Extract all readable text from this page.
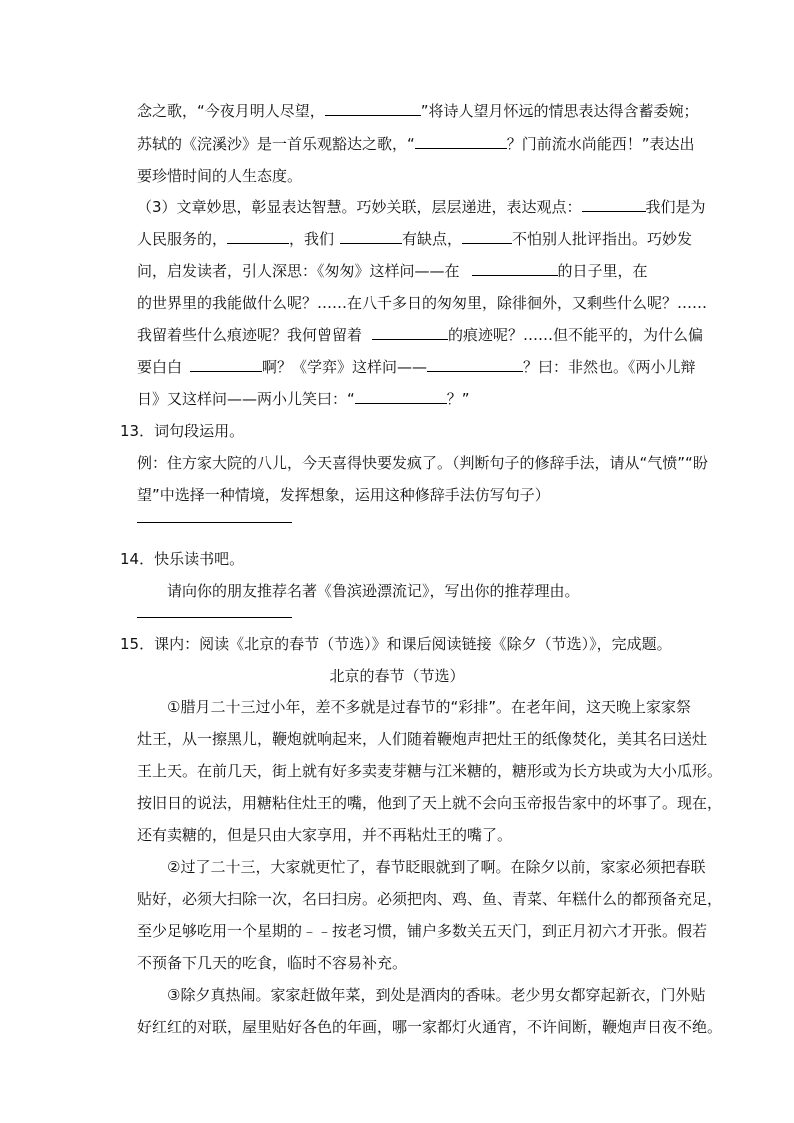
念之歌，“今夜月明人尽望，	”将诗人望月怀远的情思表达得含蓄委婉；
苏轼的《浣溪沙》是一首乐观豁达之歌，“	？门前流水尚能西！”表达出
要珍惜时间的人生态度。
（3）文章妙思，彰显表达智慧。巧妙关联，层层递进，表达观点：	我们是为
人民服务的，	，我们	有缺点，	不怕别人批评指出。巧妙发
问，启发读者，引人深思：《匆匆》这样问——在	的日子里，在
的世界里的我能做什么呢？……在八千多日的匆匆里，除徘徊外，又剩些什么呢？……
我留着些什么痕迹呢？我何曾留着	的痕迹呢？……但不能平的，为什么偏
要白白	啊？《学弈》这样问——	？曰：非然也。《两小儿辩
日》又这样问——两小儿笑曰：“	？”
13．词句段运用。
例：住方家大院的八儿，今天喜得快要发疯了。（判断句子的修辞手法，请从“气愤”“盼
望”中选择一种情境，发挥想象，运用这种修辞手法仿写句子）
14．快乐读书吧。
请向你的朋友推荐名著《鲁滨逊漂流记》，写出你的推荐理由。
15．课内：阅读《北京的春节（节选）》和课后阅读链接《除夕（节选）》，完成题。
北京的春节（节选）
①腊月二十三过小年，差不多就是过春节的“彩排”。在老年间，这天晚上家家祭
灶王，从一擦黑儿，鞭炮就响起来，人们随着鞭炮声把灶王的纸像焚化，美其名曰送灶
王上天。在前几天，街上就有好多卖麦芽糖与江米糖的，糖形或为长方块或为大小瓜形。
按旧日的说法，用糖粘住灶王的嘴，他到了天上就不会向玉帝报告家中的坏事了。现在，
还有卖糖的，但是只由大家享用，并不再粘灶王的嘴了。
②过了二十三，大家就更忙了，春节眨眼就到了啊。在除夕以前，家家必须把春联
贴好，必须大扫除一次，名曰扫房。必须把肉、鸡、鱼、青菜、年糕什么的都预备充足，
至少足够吃用一个星期的﹣﹣按老习惯，铺户多数关五天门，到正月初六才开张。假若
不预备下几天的吃食，临时不容易补充。
③除夕真热闹。家家赶做年菜，到处是酒肉的香味。老少男女都穿起新衣，门外贴
好红红的对联，屋里贴好各色的年画，哪一家都灯火通宵，不许间断，鞭炮声日夜不绝。
